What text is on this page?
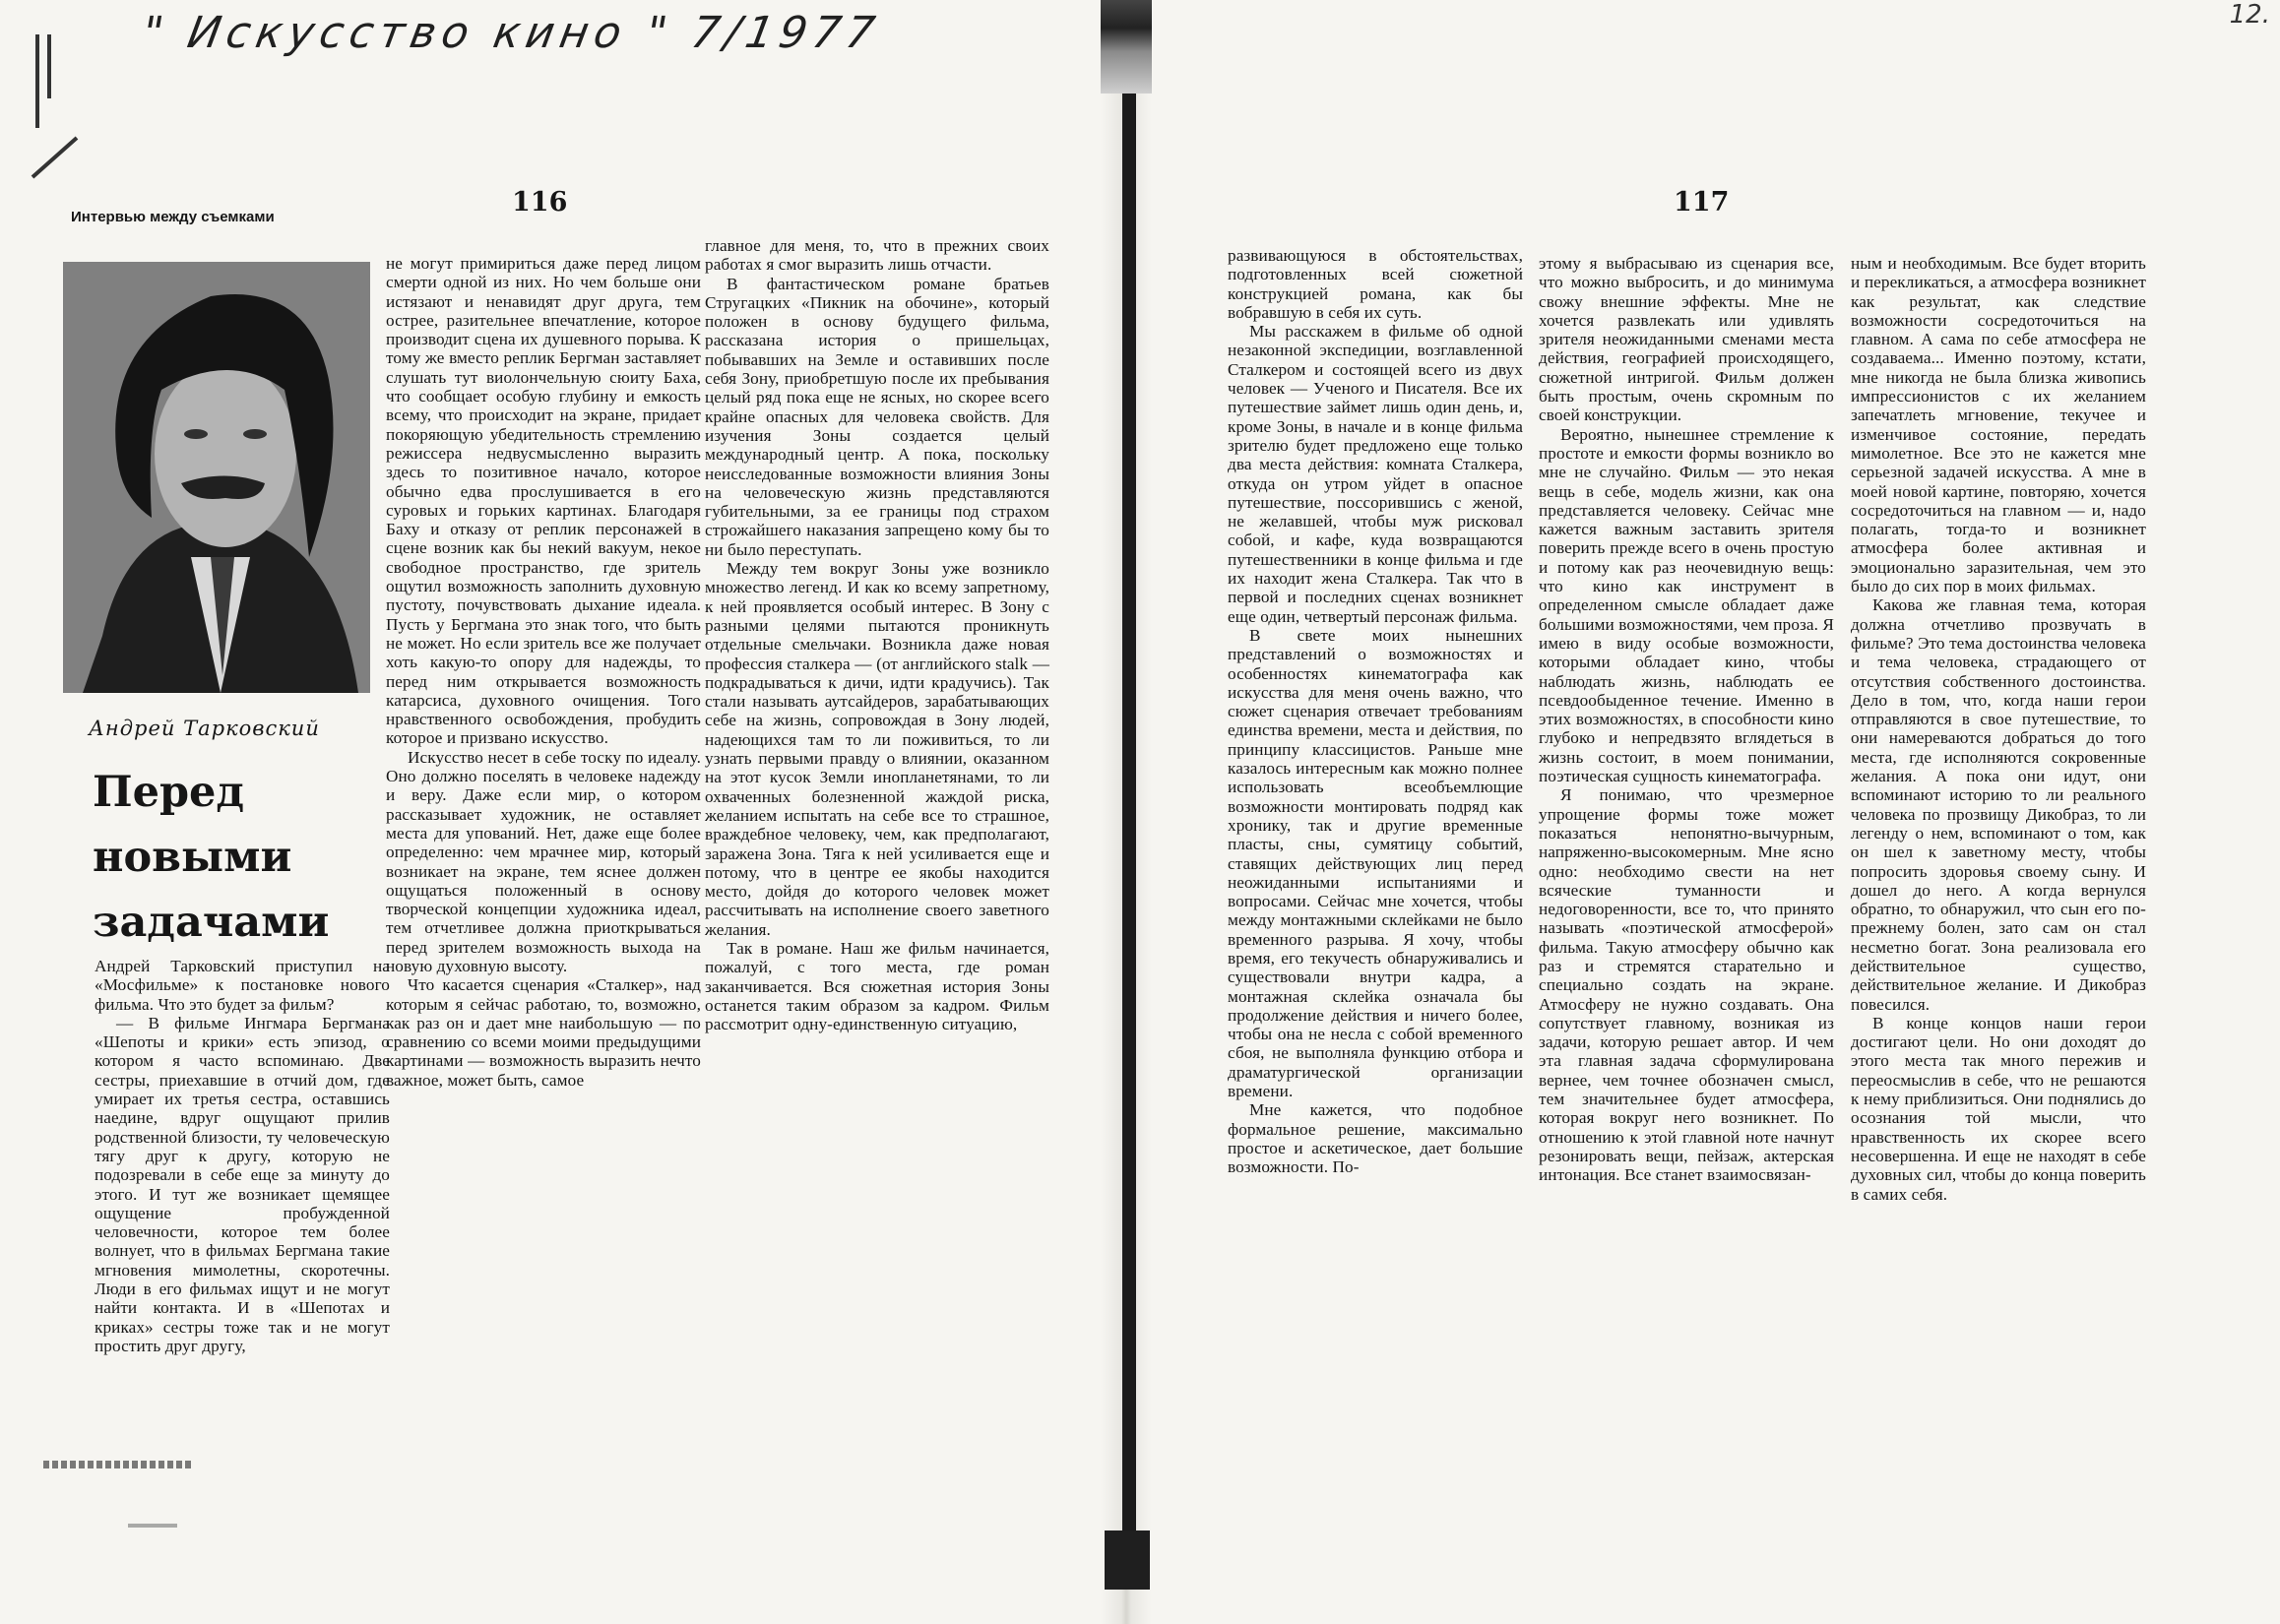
" Искусство кино " 7/1977	12.
Интервью между съемками	116	117
Андрей Тарковский
Перед
новыми
задачами

Андрей Тарковский приступил на «Мосфильме» к постановке нового фильма. Что это будет за фильм?

— В фильме Ингмара Бергмана «Шепоты и крики» есть эпизод, о котором я часто вспоминаю. Две сестры, приехавшие в отчий дом, где умирает их третья сестра, оставшись наедине, вдруг ощущают прилив родственной близости, ту человеческую тягу друг к другу, которую не подозревали в себе еще за минуту до этого. И тут же возникает щемящее ощущение пробужденной человечности, которое тем более волнует, что в фильмах Бергмана такие мгновения мимолетны, скоротечны. Люди в его фильмах ищут и не могут найти контакта. И в «Шепотах и криках» сестры тоже так и не могут простить друг другу,

не могут примириться даже перед лицом смерти одной из них. Но чем больше они истязают и ненавидят друг друга, тем острее, разительнее впечатление, которое производит сцена их душевного порыва. К тому же вместо реплик Бергман заставляет слушать тут виолончельную сюиту Баха, что сообщает особую глубину и емкость всему, что происходит на экране, придает покоряющую убедительность стремлению режиссера недвусмысленно выразить здесь то позитивное начало, которое обычно едва прослушивается в его суровых и горьких картинах. Благодаря Баху и отказу от реплик персонажей в сцене возник как бы некий вакуум, некое свободное пространство, где зритель ощутил возможность заполнить духовную пустоту, почувствовать дыхание идеала. Пусть у Бергмана это знак того, что быть не может. Но если зритель все же получает хоть какую-то опору для надежды, то перед ним открывается возможность катарсиса, духовного очищения. Того нравственного освобождения, пробудить которое и призвано искусство.

Искусство несет в себе тоску по идеалу. Оно должно поселять в человеке надежду и веру. Даже если мир, о котором рассказывает художник, не оставляет места для упований. Нет, даже еще более определенно: чем мрачнее мир, который возникает на экране, тем яснее должен ощущаться положенный в основу творческой концепции художника идеал, тем отчетливее должна приоткрываться перед зрителем возможность выхода на новую духовную высоту.

Что касается сценария «Сталкер», над которым я сейчас работаю, то, возможно, как раз он и дает мне наибольшую — по сравнению со всеми моими предыдущими картинами — возможность выразить нечто важное, может быть, самое

главное для меня, то, что в прежних своих работах я смог выразить лишь отчасти.

В фантастическом романе братьев Стругацких «Пикник на обочине», который положен в основу будущего фильма, рассказана история о пришельцах, побывавших на Земле и оставивших после себя Зону, приобретшую после их пребывания целый ряд пока еще не ясных, но скорее всего крайне опасных для человека свойств. Для изучения Зоны создается целый международный центр. А пока, поскольку неисследованные возможности влияния Зоны на человеческую жизнь представляются губительными, за ее границы под страхом строжайшего наказания запрещено кому бы то ни было переступать.

Между тем вокруг Зоны уже возникло множество легенд. И как ко всему запретному, к ней проявляется особый интерес. В Зону с разными целями пытаются проникнуть отдельные смельчаки. Возникла даже новая профессия сталкера — (от английского stalk — подкрадываться к дичи, идти крадучись). Так стали называть аутсайдеров, зарабатывающих себе на жизнь, сопровождая в Зону людей, надеющихся там то ли поживиться, то ли узнать первыми правду о влиянии, оказанном на этот кусок Земли инопланетянами, то ли охваченных болезненной жаждой риска, желанием испытать на себе все то страшное, враждебное человеку, чем, как предполагают, заражена Зона. Тяга к ней усиливается еще и потому, что в центре ее якобы находится место, дойдя до которого человек может рассчитывать на исполнение своего заветного желания.

Так в романе. Наш же фильм начинается, пожалуй, с того места, где роман заканчивается. Вся сюжетная история Зоны останется таким образом за кадром. Фильм рассмотрит одну-единственную ситуацию,

развивающуюся в обстоятельствах, подготовленных всей сюжетной конструкцией романа, как бы вобравшую в себя их суть.

Мы расскажем в фильме об одной незаконной экспедиции, возглавленной Сталкером и состоящей всего из двух человек — Ученого и Писателя. Все их путешествие займет лишь один день, и, кроме Зоны, в начале и в конце фильма зрителю будет предложено еще только два места действия: комната Сталкера, откуда он утром уйдет в опасное путешествие, поссорившись с женой, не желавшей, чтобы муж рисковал собой, и кафе, куда возвращаются путешественники в конце фильма и где их находит жена Сталкера. Так что в первой и последних сценах возникнет еще один, четвертый персонаж фильма.

В свете моих нынешних представлений о возможностях и особенностях кинематографа как искусства для меня очень важно, что сюжет сценария отвечает требованиям единства времени, места и действия, по принципу классицистов. Раньше мне казалось интересным как можно полнее использовать всеобъемлющие возможности монтировать подряд как хронику, так и другие временные пласты, сны, сумятицу событий, ставящих действующих лиц перед неожиданными испытаниями и вопросами. Сейчас мне хочется, чтобы между монтажными склейками не было временного разрыва. Я хочу, чтобы время, его текучесть обнаруживались и существовали внутри кадра, а монтажная склейка означала бы продолжение действия и ничего более, чтобы она не несла с собой временного сбоя, не выполняла функцию отбора и драматургической организации времени.

Мне кажется, что подобное формальное решение, максимально простое и аскетическое, дает большие возможности. По-

этому я выбрасываю из сценария все, что можно выбросить, и до минимума свожу внешние эффекты. Мне не хочется развлекать или удивлять зрителя неожиданными сменами места действия, географией происходящего, сюжетной интригой. Фильм должен быть простым, очень скромным по своей конструкции.

Вероятно, нынешнее стремление к простоте и емкости формы возникло во мне не случайно. Фильм — это некая вещь в себе, модель жизни, как она представляется человеку. Сейчас мне кажется важным заставить зрителя поверить прежде всего в очень простую и потому как раз неочевидную вещь: что кино как инструмент в определенном смысле обладает даже большими возможностями, чем проза. Я имею в виду особые возможности, которыми обладает кино, чтобы наблюдать жизнь, наблюдать ее псевдообыденное течение. Именно в этих возможностях, в способности кино глубоко и непредвзято вглядеться в жизнь состоит, в моем понимании, поэтическая сущность кинематографа.

Я понимаю, что чрезмерное упрощение формы тоже может показаться непонятно-вычурным, напряженно-высокомерным. Мне ясно одно: необходимо свести на нет всяческие туманности и недоговоренности, все то, что принято называть «поэтической атмосферой» фильма. Такую атмосферу обычно как раз и стремятся старательно и специально создать на экране. Атмосферу не нужно создавать. Она сопутствует главному, возникая из задачи, которую решает автор. И чем эта главная задача сформулирована вернее, чем точнее обозначен смысл, тем значительнее будет атмосфера, которая вокруг него возникнет. По отношению к этой главной ноте начнут резонировать вещи, пейзаж, актерская интонация. Все станет взаимосвязан-

ным и необходимым. Все будет вторить и перекликаться, а атмосфера возникнет как результат, как следствие возможности сосредоточиться на главном. А сама по себе атмосфера не создаваема... Именно поэтому, кстати, мне никогда не была близка живопись импрессионистов с их желанием запечатлеть мгновение, текучее и изменчивое состояние, передать мимолетное. Все это не кажется мне серьезной задачей искусства. А мне в моей новой картине, повторяю, хочется сосредоточиться на главном — и, надо полагать, тогда-то и возникнет атмосфера более активная и эмоционально заразительная, чем это было до сих пор в моих фильмах.

Какова же главная тема, которая должна отчетливо прозвучать в фильме? Это тема достоинства человека и тема человека, страдающего от отсутствия собственного достоинства. Дело в том, что, когда наши герои отправляются в свое путешествие, то они намереваются добраться до того места, где исполняются сокровенные желания. А пока они идут, они вспоминают историю то ли реального человека по прозвищу Дикобраз, то ли легенду о нем, вспоминают о том, как он шел к заветному месту, чтобы попросить здоровья своему сыну. И дошел до него. А когда вернулся обратно, то обнаружил, что сын его по-прежнему болен, зато сам он стал несметно богат. Зона реализовала его действительное существо, действительное желание. И Дикобраз повесился.

В конце концов наши герои достигают цели. Но они доходят до этого места так много пережив и переосмыслив в себе, что не решаются к нему приблизиться. Они поднялись до осознания той мысли, что нравственность их скорее всего несовершенна. И еще не находят в себе духовных сил, чтобы до конца поверить в самих себя.
